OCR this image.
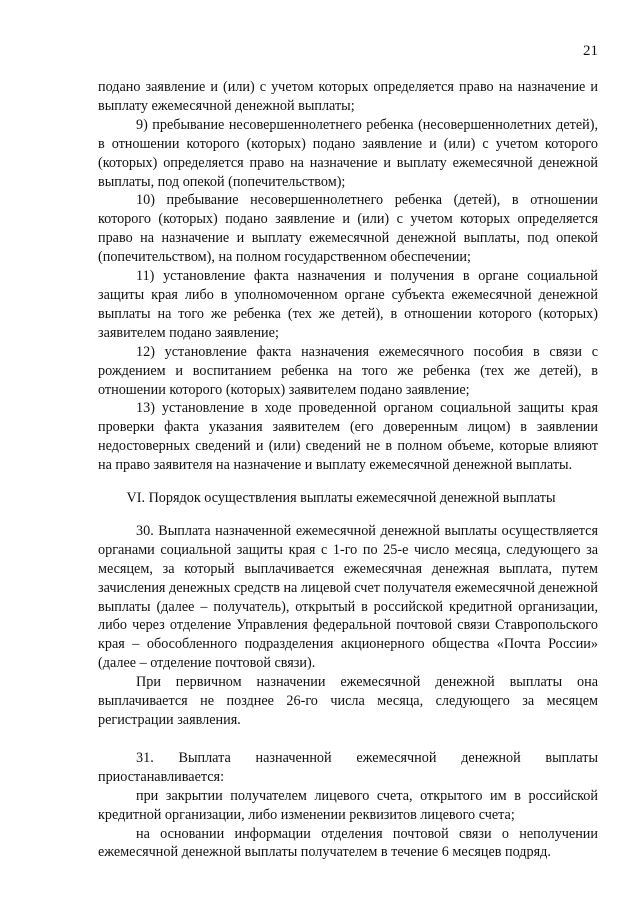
21

подано заявление и (или) с учетом которых определяется право на назначение и выплату ежемесячной денежной выплаты;

9) пребывание несовершеннолетнего ребенка (несовершеннолетних детей), в отношении которого (которых) подано заявление и (или) с учетом которого (которых) определяется право на назначение и выплату ежемесячной денежной выплаты, под опекой (попечительством);

10) пребывание несовершеннолетнего ребенка (детей), в отношении которого (которых) подано заявление и (или) с учетом которых определяется право на назначение и выплату ежемесячной денежной выплаты, под опекой (попечительством), на полном государственном обеспечении;

11) установление факта назначения и получения в органе социальной защиты края либо в уполномоченном органе субъекта ежемесячной денежной выплаты на того же ребенка (тех же детей), в отношении которого (которых) заявителем подано заявление;

12) установление факта назначения ежемесячного пособия в связи с рождением и воспитанием ребенка на того же ребенка (тех же детей), в отношении которого (которых) заявителем подано заявление;

13) установление в ходе проведенной органом социальной защиты края проверки факта указания заявителем (его доверенным лицом) в заявлении недостоверных сведений и (или) сведений не в полном объеме, которые влияют на право заявителя на назначение и выплату ежемесячной денежной выплаты.

VI. Порядок осуществления выплаты ежемесячной денежной выплаты

30. Выплата назначенной ежемесячной денежной выплаты осуществляется органами социальной защиты края с 1-го по 25-е число месяца, следующего за месяцем, за который выплачивается ежемесячная денежная выплата, путем зачисления денежных средств на лицевой счет получателя ежемесячной денежной выплаты (далее – получатель), открытый в российской кредитной организации, либо через отделение Управления федеральной почтовой связи Ставропольского края – обособленного подразделения акционерного общества «Почта России» (далее – отделение почтовой связи).

При первичном назначении ежемесячной денежной выплаты она выплачивается не позднее 26-го числа месяца, следующего за месяцем регистрации заявления.

31. Выплата назначенной ежемесячной денежной выплаты приостанавливается:

при закрытии получателем лицевого счета, открытого им в российской кредитной организации, либо изменении реквизитов лицевого счета;

на основании информации отделения почтовой связи о неполучении ежемесячной денежной выплаты получателем в течение 6 месяцев подряд.
